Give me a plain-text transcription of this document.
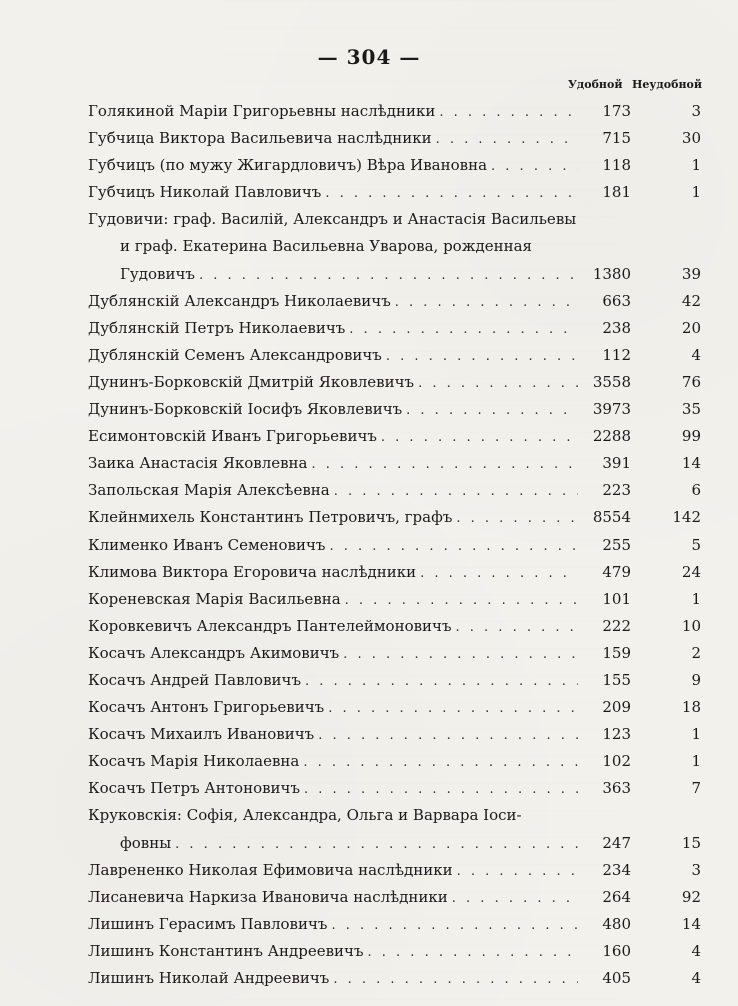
— 304 —
Удобной Неудобной
Голякиной Маріи Григорьевны наслѣдники . . .	173	3
Губчица Виктора Васильевича наслѣдники . . .	715	30
Губчицъ (по мужу Жигардловичъ) Вѣра Ивановна . . .	118	1
Губчицъ Николай Павловичъ . . .	181	1
Гудовичи: граф. Василій, Александръ и Анастасія Васильевы
и граф. Екатерина Васильевна Уварова, рожденная
Гудовичъ . . .	1380	39
Дублянскій Александръ Николаевичъ . . .	663	42
Дублянскій Петръ Николаевичъ . . .	238	20
Дублянскій Семенъ Александровичъ . . .	112	4
Дунинъ-Борковскій Дмитрій Яковлевичъ . . .	3558	76
Дунинъ-Борковскій Іосифъ Яковлевичъ . . .	3973	35
Есимонтовскій Иванъ Григорьевичъ . . .	2288	99
Заика Анастасія Яковлевна . . .	391	14
Запольская Марія Алексѣевна . . .	223	6
Клейнмихель Константинъ Петровичъ, графъ . . .	8554	142
Клименко Иванъ Семеновичъ . . .	255	5
Климова Виктора Егоровича наслѣдники . . .	479	24
Кореневская Марія Васильевна . . .	101	1
Коровкевичъ Александръ Пантелеймоновичъ . . .	222	10
Косачъ Александръ Акимовичъ . . .	159	2
Косачъ Андрей Павловичъ . . .	155	9
Косачъ Антонъ Григорьевичъ . . .	209	18
Косачъ Михаилъ Ивановичъ . . .	123	1
Косачъ Марія Николаевна . . .	102	1
Косачъ Петръ Антоновичъ . . .	363	7
Круковскія: Софія, Александра, Ольга и Варвара Іоси-
фовны . . .	247	15
Лаврененко Николая Ефимовича наслѣдники . . .	234	3
Лисаневича Наркиза Ивановича наслѣдники . . .	264	92
Лишинъ Герасимъ Павловичъ . . .	480	14
Лишинъ Константинъ Андреевичъ . . .	160	4
Лишинъ Николай Андреевичъ . . .	405	4
